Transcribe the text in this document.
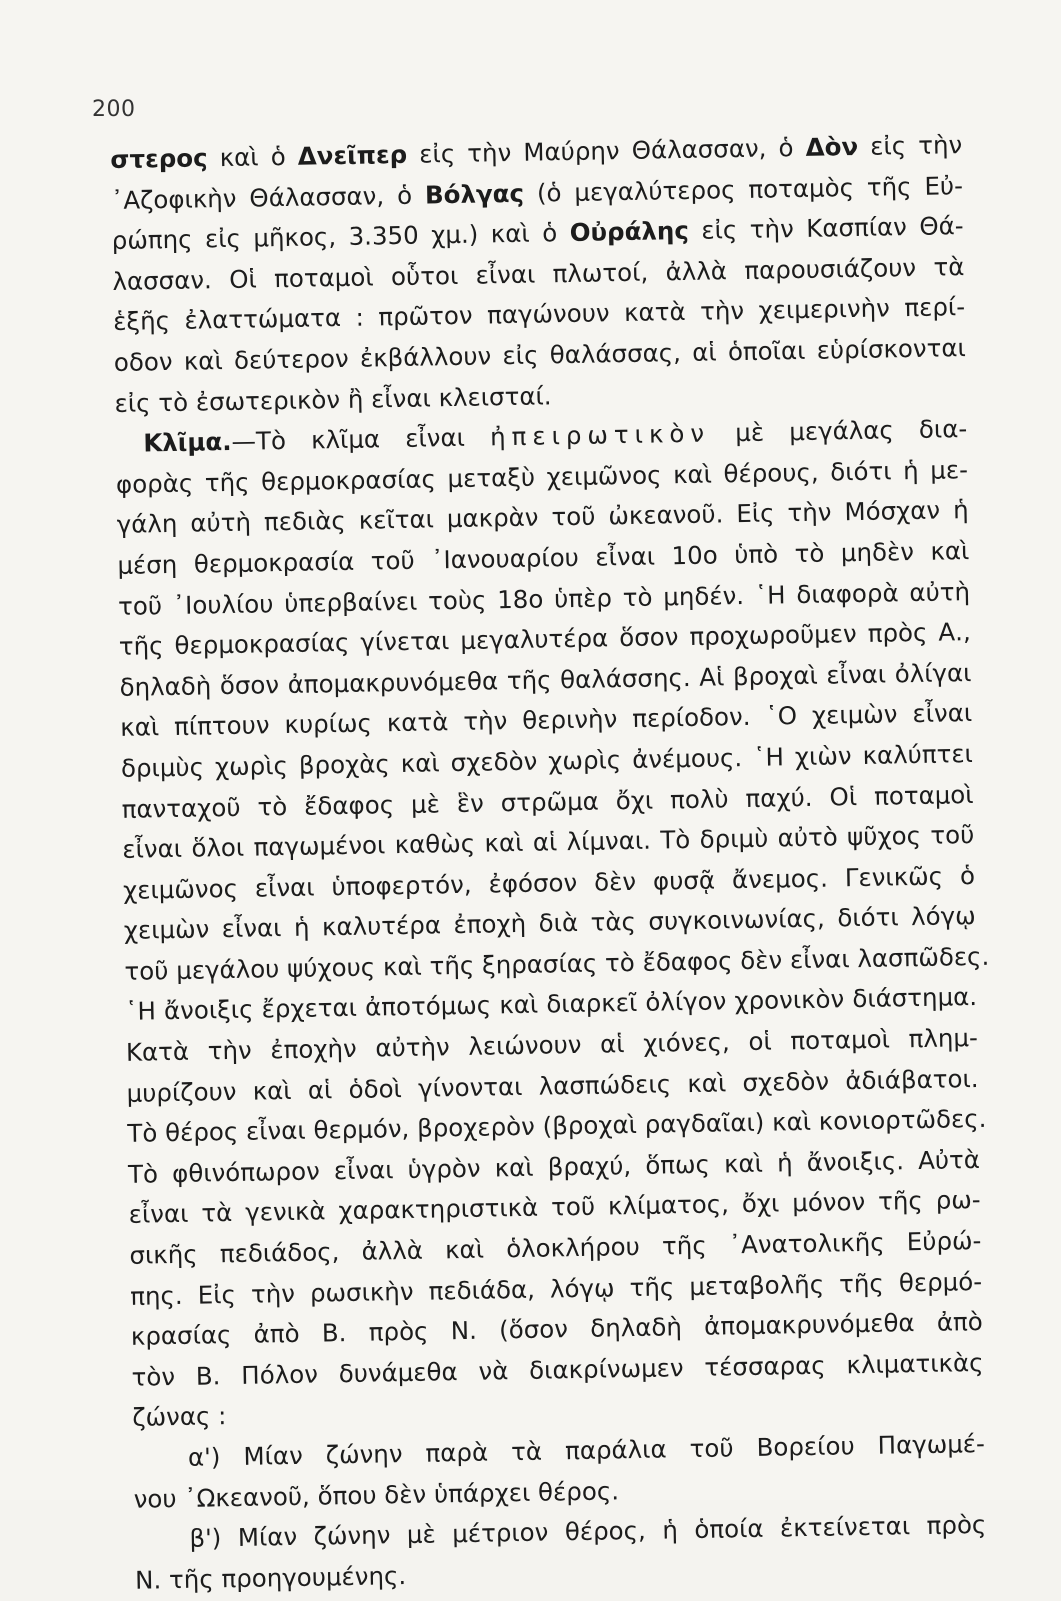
200
στερος καὶ ὁ Δνεῖπερ εἰς τὴν Μαύρην Θάλασσαν, ὁ Δὸν εἰς τὴν
᾿Αζοφικὴν Θάλασσαν, ὁ Βόλγας (ὁ μεγαλύτερος ποταμὸς τῆς Εὐ-
ρώπης εἰς μῆκος, 3.350 χμ.) καὶ ὁ Οὐράλης εἰς τὴν Κασπίαν Θά-
λασσαν. Οἱ ποταμοὶ οὗτοι εἶναι πλωτοί, ἀλλὰ παρουσιάζουν τὰ
ἑξῆς ἐλαττώματα : πρῶτον παγώνουν κατὰ τὴν χειμερινὴν περί-
οδον καὶ δεύτερον ἐκβάλλουν εἰς θαλάσσας, αἱ ὁποῖαι εὑρίσκονται
εἰς τὸ ἐσωτερικὸν ἢ εἶναι κλεισταί.
Κλῖμα.—Τὸ κλῖμα εἶναι ἠπειρωτικὸν μὲ μεγάλας δια-
φορὰς τῆς θερμοκρασίας μεταξὺ χειμῶνος καὶ θέρους, διότι ἡ με-
γάλη αὐτὴ πεδιὰς κεῖται μακρὰν τοῦ ὠκεανοῦ. Εἰς τὴν Μόσχαν ἡ
μέση θερμοκρασία τοῦ ᾿Ιανουαρίου εἶναι 10ο ὑπὸ τὸ μηδὲν καὶ
τοῦ ᾿Ιουλίου ὑπερβαίνει τοὺς 18ο ὑπὲρ τὸ μηδέν. ῾Η διαφορὰ αὐτὴ
τῆς θερμοκρασίας γίνεται μεγαλυτέρα ὅσον προχωροῦμεν πρὸς Α.,
δηλαδὴ ὅσον ἀπομακρυνόμεθα τῆς θαλάσσης. Αἱ βροχαὶ εἶναι ὀλίγαι
καὶ πίπτουν κυρίως κατὰ τὴν θερινὴν περίοδον. ῾Ο χειμὼν εἶναι
δριμὺς χωρὶς βροχὰς καὶ σχεδὸν χωρὶς ἀνέμους. ῾Η χιὼν καλύπτει
πανταχοῦ τὸ ἔδαφος μὲ ἓν στρῶμα ὄχι πολὺ παχύ. Οἱ ποταμοὶ
εἶναι ὅλοι παγωμένοι καθὼς καὶ αἱ λίμναι. Τὸ δριμὺ αὐτὸ ψῦχος τοῦ
χειμῶνος εἶναι ὑποφερτόν, ἐφόσον δὲν φυσᾷ ἄνεμος. Γενικῶς ὁ
χειμὼν εἶναι ἡ καλυτέρα ἐποχὴ διὰ τὰς συγκοινωνίας, διότι λόγῳ
τοῦ μεγάλου ψύχους καὶ τῆς ξηρασίας τὸ ἔδαφος δὲν εἶναι λασπῶδες.
῾Η ἄνοιξις ἔρχεται ἀποτόμως καὶ διαρκεῖ ὀλίγον χρονικὸν διάστημα.
Κατὰ τὴν ἐποχὴν αὐτὴν λειώνουν αἱ χιόνες, οἱ ποταμοὶ πλημ-
μυρίζουν καὶ αἱ ὁδοὶ γίνονται λασπώδεις καὶ σχεδὸν ἀδιάβατοι.
Τὸ θέρος εἶναι θερμόν, βροχερὸν (βροχαὶ ραγδαῖαι) καὶ κονιορτῶδες.
Τὸ φθινόπωρον εἶναι ὑγρὸν καὶ βραχύ, ὅπως καὶ ἡ ἄνοιξις. Αὐτὰ
εἶναι τὰ γενικὰ χαρακτηριστικὰ τοῦ κλίματος, ὄχι μόνον τῆς ρω-
σικῆς πεδιάδος, ἀλλὰ καὶ ὁλοκλήρου τῆς ᾿Ανατολικῆς Εὐρώ-
πης. Εἰς τὴν ρωσικὴν πεδιάδα, λόγῳ τῆς μεταβολῆς τῆς θερμό-
κρασίας ἀπὸ Β. πρὸς Ν. (ὅσον δηλαδὴ ἀπομακρυνόμεθα ἀπὸ
τὸν Β. Πόλον δυνάμεθα νὰ διακρίνωμεν τέσσαρας κλιματικὰς
ζώνας :
α') Μίαν ζώνην παρὰ τὰ παράλια τοῦ Βορείου Παγωμέ-
νου ᾿Ωκεανοῦ, ὅπου δὲν ὑπάρχει θέρος.
β') Μίαν ζώνην μὲ μέτριον θέρος, ἡ ὁποία ἐκτείνεται πρὸς
Ν. τῆς προηγουμένης.
